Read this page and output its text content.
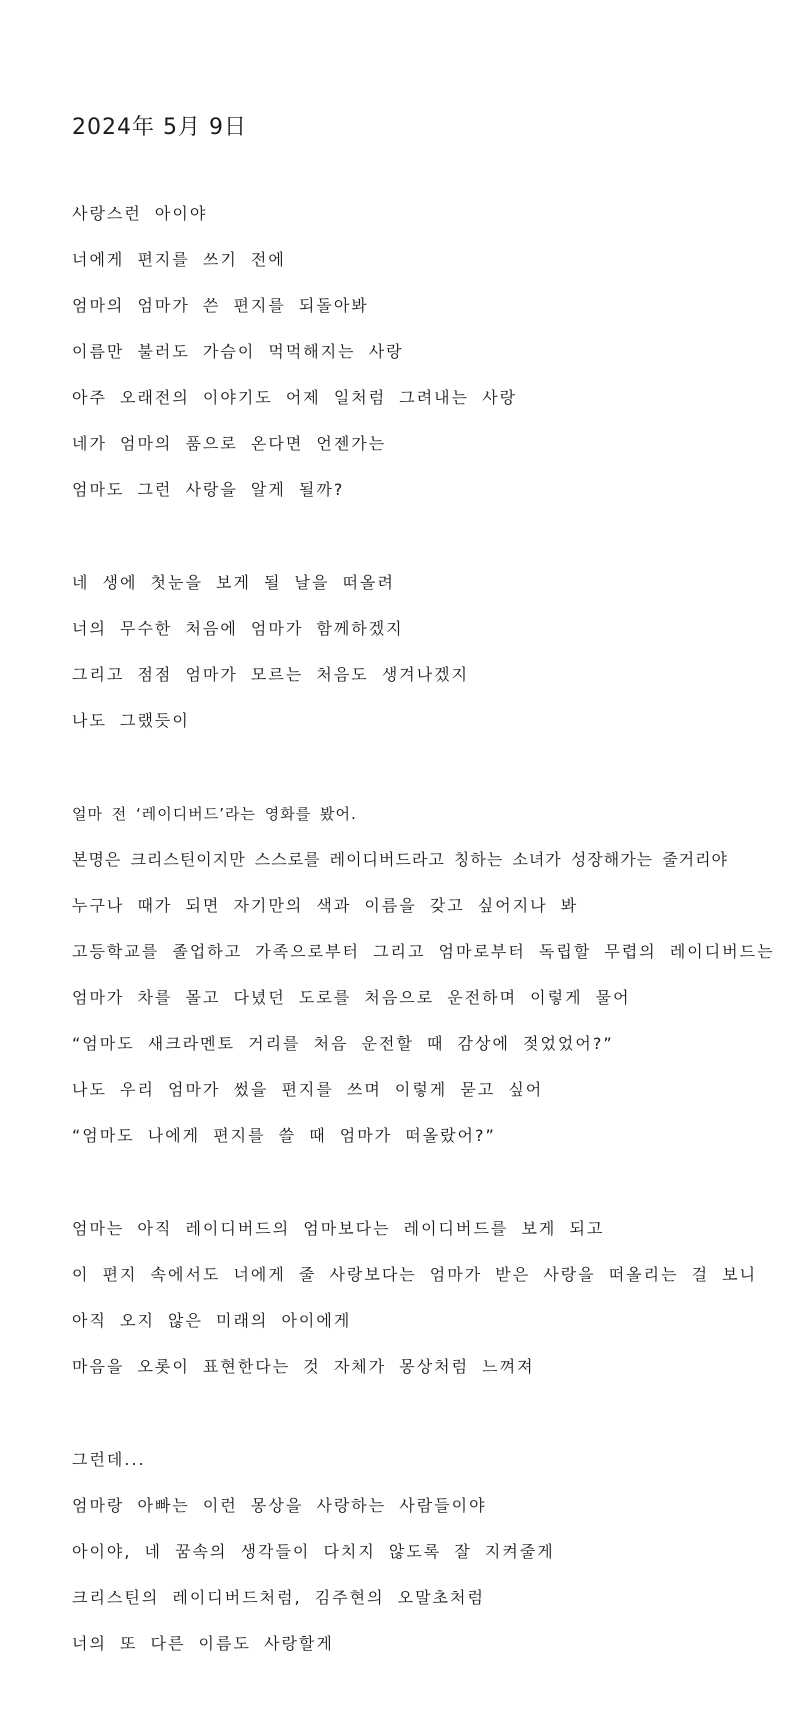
2024年 5月 9日
사랑스런 아이야
너에게 편지를 쓰기 전에
엄마의 엄마가 쓴 편지를 되돌아봐
이름만 불러도 가슴이 먹먹해지는 사랑
아주 오래전의 이야기도 어제 일처럼 그려내는 사랑
네가 엄마의 품으로 온다면 언젠가는
엄마도 그런 사랑을 알게 될까?
네 생에 첫눈을 보게 될 날을 떠올려
너의 무수한 처음에 엄마가 함께하겠지
그리고 점점 엄마가 모르는 처음도 생겨나겠지
나도 그랬듯이
얼마 전 ‘레이디버드’라는 영화를 봤어.
본명은 크리스틴이지만 스스로를 레이디버드라고 칭하는 소녀가 성장해가는 줄거리야
누구나 때가 되면 자기만의 색과 이름을 갖고 싶어지나 봐
고등학교를 졸업하고 가족으로부터 그리고 엄마로부터 독립할 무렵의 레이디버드는
엄마가 차를 몰고 다녔던 도로를 처음으로 운전하며 이렇게 물어
“엄마도 새크라멘토 거리를 처음 운전할 때 감상에 젖었었어?”
나도 우리 엄마가 썼을 편지를 쓰며 이렇게 묻고 싶어
“엄마도 나에게 편지를 쓸 때 엄마가 떠올랐어?”
엄마는 아직 레이디버드의 엄마보다는 레이디버드를 보게 되고
이 편지 속에서도 너에게 줄 사랑보다는 엄마가 받은 사랑을 떠올리는 걸 보니
아직 오지 않은 미래의 아이에게
마음을 오롯이 표현한다는 것 자체가 몽상처럼 느껴져
그런데...
엄마랑 아빠는 이런 몽상을 사랑하는 사람들이야
아이야, 네 꿈속의 생각들이 다치지 않도록 잘 지켜줄게
크리스틴의 레이디버드처럼, 김주현의 오말초처럼
너의 또 다른 이름도 사랑할게
